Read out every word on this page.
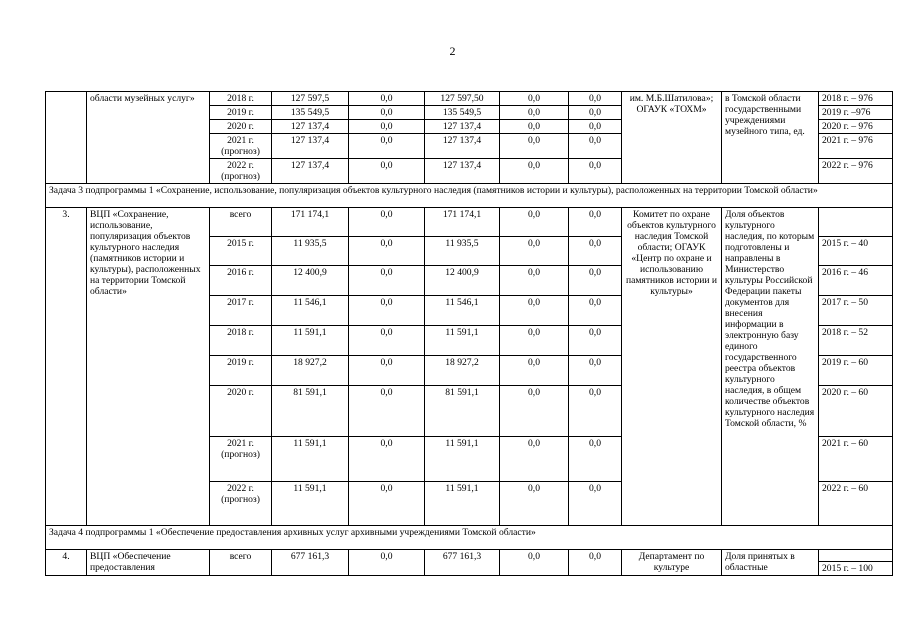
2
	области музейных услуг»	2018 г.	127 597,5	0,0	127 597,50	0,0	0,0	им. М.Б.Шатилова»; ОГАУК «ТОХМ»	в Томской области государственными учреждениями музейного типа, ед.	2018 г. – 976
		2019 г.	135 549,5	0,0	135 549,5	0,0	0,0			2019 г. –976
		2020 г.	127 137,4	0,0	127 137,4	0,0	0,0			2020 г. – 976
		2021 г. (прогноз)	127 137,4	0,0	127 137,4	0,0	0,0			2021 г. – 976
		2022 г. (прогноз)	127 137,4	0,0	127 137,4	0,0	0,0			2022 г. – 976
Задача 3 подпрограммы 1 «Сохранение, использование, популяризация объектов культурного наследия (памятников истории и культуры), расположенных на территории Томской области»										
3.	ВЦП «Сохранение, использование, популяризация объектов культурного наследия (памятников истории и культуры), расположенных на территории Томской области»	всего	171 174,1	0,0	171 174,1	0,0	0,0	Комитет по охране объектов культурного наследия Томской области; ОГАУК «Центр по охране и использованию памятников истории и культуры»	Доля объектов культурного наследия, по которым подготовлены и направлены в Министерство культуры Российской Федерации пакеты документов для внесения информации в электронную базу единого государственного реестра объектов культурного наследия, в общем количестве объектов культурного наследия Томской области, %	
		2015 г.	11 935,5	0,0	11 935,5	0,0	0,0			2015 г. – 40
		2016 г.	12 400,9	0,0	12 400,9	0,0	0,0			2016 г. – 46
		2017 г.	11 546,1	0,0	11 546,1	0,0	0,0			2017 г. – 50
		2018 г.	11 591,1	0,0	11 591,1	0,0	0,0			2018 г. – 52
		2019 г.	18 927,2	0,0	18 927,2	0,0	0,0			2019 г. – 60
		2020 г.	81 591,1	0,0	81 591,1	0,0	0,0			2020 г. – 60
		2021 г. (прогноз)	11 591,1	0,0	11 591,1	0,0	0,0			2021 г. – 60
		2022 г. (прогноз)	11 591,1	0,0	11 591,1	0,0	0,0			2022 г. – 60
Задача 4 подпрограммы 1 «Обеспечение предоставления архивных услуг архивными учреждениями Томской области»										
4.	ВЦП «Обеспечение предоставления	всего	677 161,3	0,0	677 161,3	0,0	0,0	Департамент по культуре	Доля принятых в областные	
										2015 г. – 100
